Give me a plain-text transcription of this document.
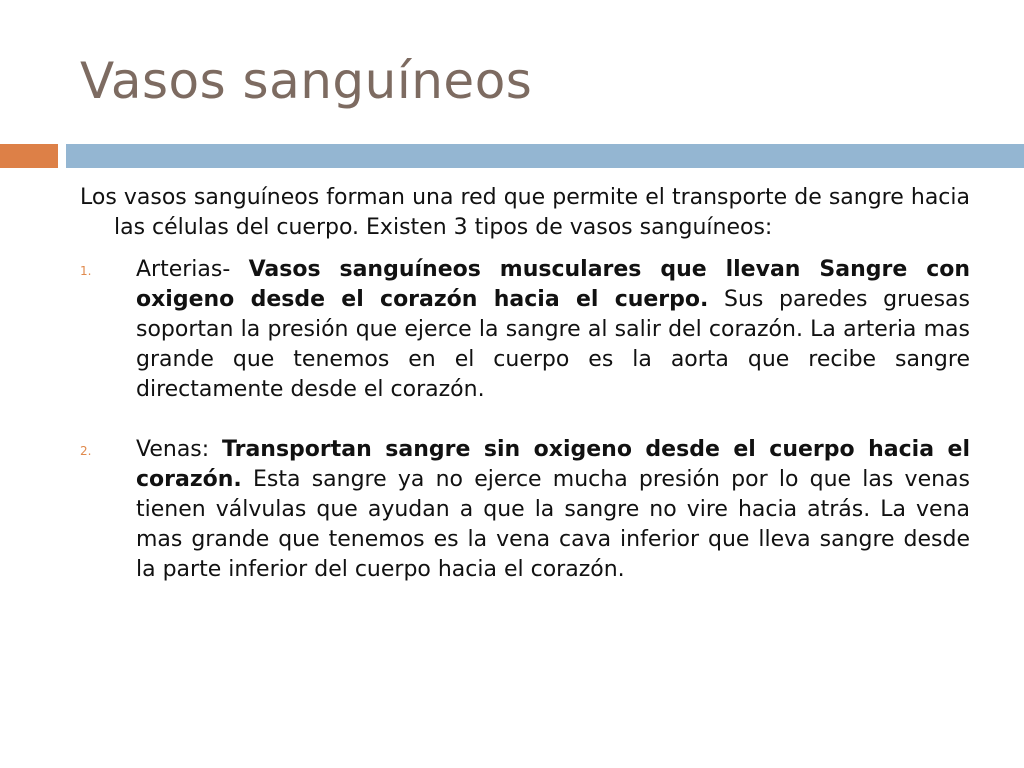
Vasos sanguíneos

Los vasos sanguíneos forman una red que permite el transporte de sangre hacia las células del cuerpo. Existen 3 tipos de vasos sanguíneos:

1. Arterias- Vasos sanguíneos musculares que llevan Sangre con oxigeno desde el corazón hacia el cuerpo. Sus paredes gruesas soportan la presión que ejerce la sangre al salir del corazón. La arteria mas grande que tenemos en el cuerpo es la aorta que recibe sangre directamente desde el corazón.
2. Venas: Transportan sangre sin oxigeno desde el cuerpo hacia el corazón. Esta sangre ya no ejerce mucha presión por lo que las venas tienen válvulas que ayudan a que la sangre no vire hacia atrás. La vena mas grande que tenemos es la vena cava inferior que lleva sangre desde la parte inferior del cuerpo hacia el corazón.
